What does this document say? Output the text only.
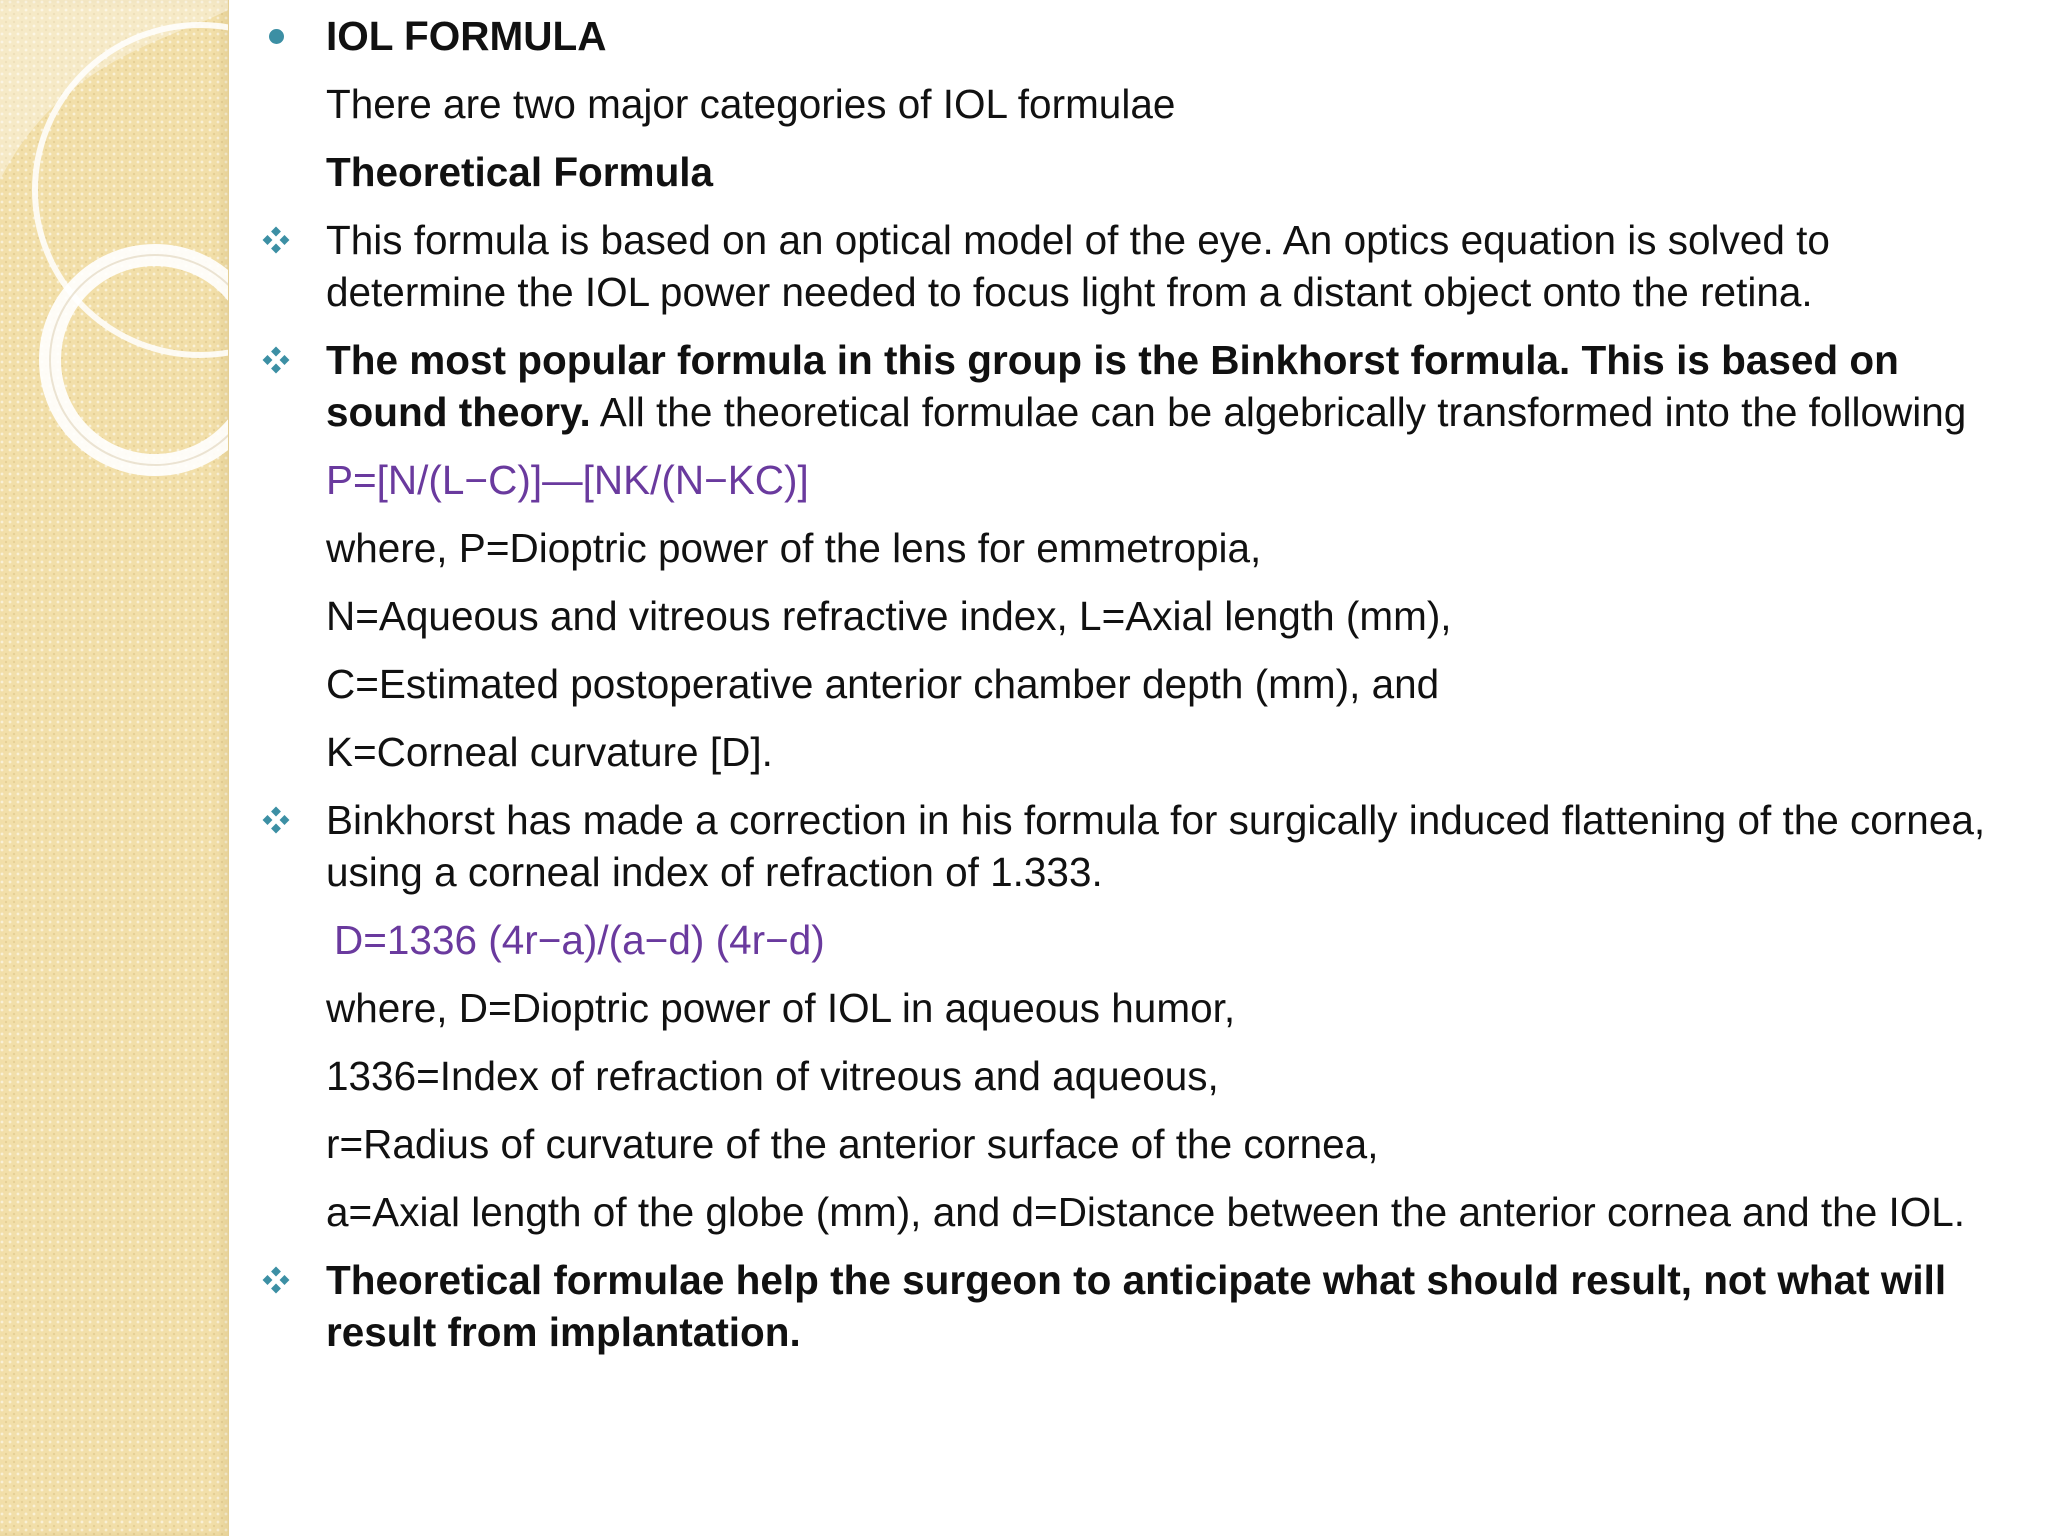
IOL FORMULA
There are two major categories of IOL formulae
Theoretical Formula
This formula is based on an optical model of the eye. An optics equation is solved to determine the IOL power needed to focus light from a distant object onto the retina.
The most popular formula in this group is the Binkhorst formula. This is based on sound theory. All the theoretical formulae can be algebrically transformed into the following
P=[N/(L−C)]—[NK/(N−KC)]
where, P=Dioptric power of the lens for emmetropia,
N=Aqueous and vitreous refractive index, L=Axial length (mm),
C=Estimated postoperative anterior chamber depth (mm), and
K=Corneal curvature [D].
Binkhorst has made a correction in his formula for surgically induced flattening of the cornea, using a corneal index of refraction of 1.333.
D=1336 (4r−a)/(a−d) (4r−d)
where, D=Dioptric power of IOL in aqueous humor,
1336=Index of refraction of vitreous and aqueous,
r=Radius of curvature of the anterior surface of the cornea,
a=Axial length of the globe (mm), and d=Distance between the anterior cornea and the IOL.
Theoretical formulae help the surgeon to anticipate what should result, not what will result from implantation.
